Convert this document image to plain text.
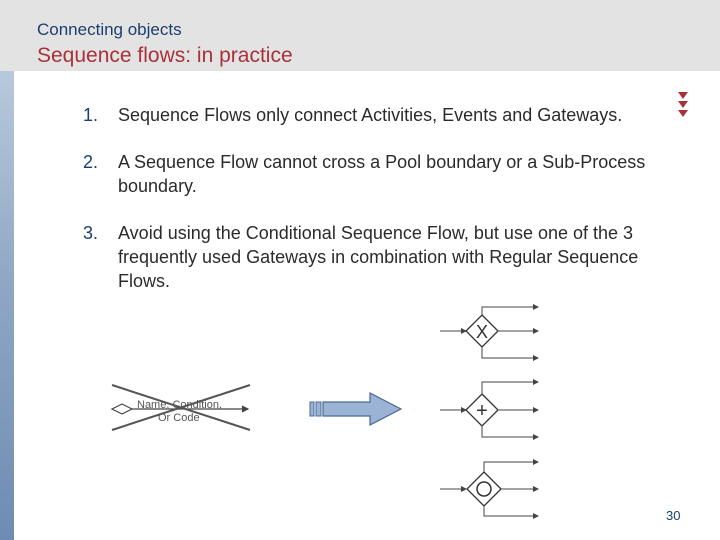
Connecting objects
Sequence flows: in practice
1. Sequence Flows only connect Activities, Events and Gateways.
2. A Sequence Flow cannot cross a Pool boundary or a Sub-Process boundary.
3. Avoid using the Conditional Sequence Flow, but use one of the 3 frequently used Gateways in combination with Regular Sequence Flows.
Name, Condition,
Or Code
X
+
30
